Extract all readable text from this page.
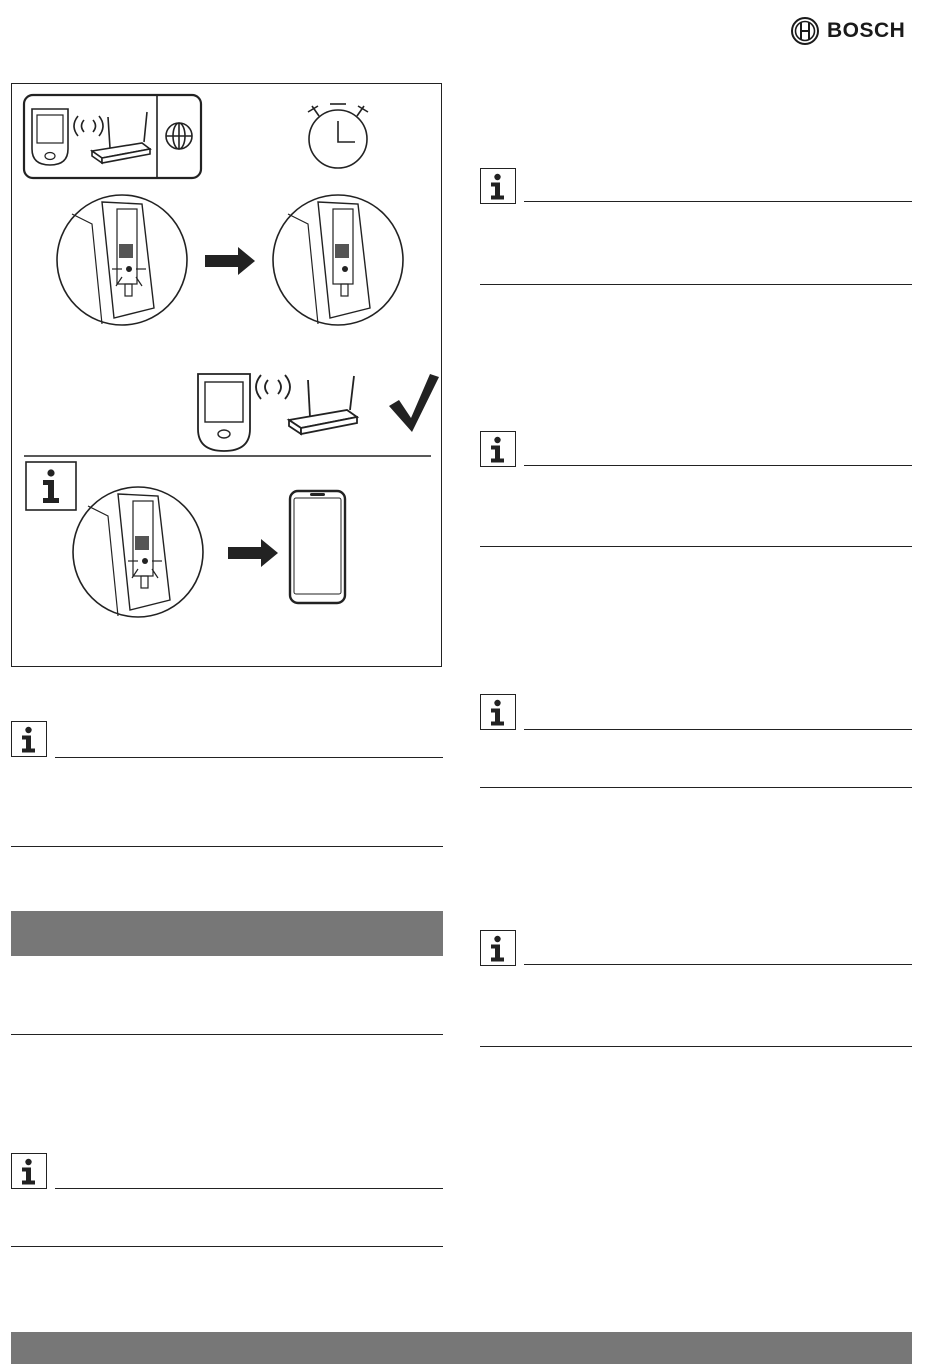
BOSCH
